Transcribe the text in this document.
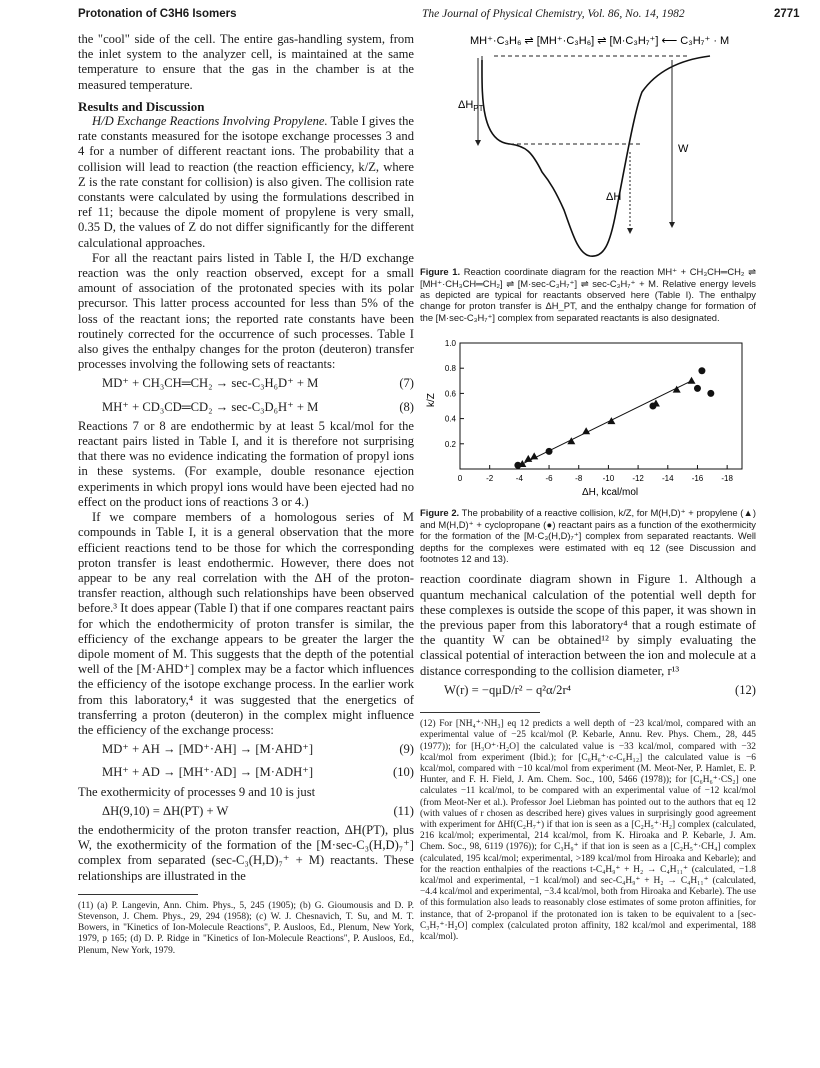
Protonation of C3H6 Isomers	The Journal of Physical Chemistry, Vol. 86, No. 14, 1982	2771

the "cool" side of the cell. The entire gas-handling system, from the inlet system to the analyzer cell, is maintained at the same temperature to ensure that the gas in the chamber is at the measured temperature.

Results and Discussion

H/D Exchange Reactions Involving Propylene. Table I gives the rate constants measured for the isotope exchange processes 3 and 4 for a number of different reactant ions. The probability that a collision will lead to reaction (the reaction efficiency, k/Z, where Z is the rate constant for collision) is also given. The collision rate constants were calculated by using the formulations described in ref 11; because the dipole moment of propylene is very small, 0.35 D, the values of Z do not differ significantly for the different calculational approaches.

For all the reactant pairs listed in Table I, the H/D exchange reaction was the only reaction observed, except for a small amount of association of the protonated species with its polar precursor. This latter process accounted for less than 5% of the loss of the reactant ions; the reported rate constants have been routinely corrected for the occurrence of such processes. Table I also gives the enthalpy changes for the proton (deuteron) transfer processes involving the following sets of reactants:

MD⁺ + CH₃CH═CH₂ → sec-C₃H₆D⁺ + M	(7)
MH⁺ + CD₃CD═CD₂ → sec-C₃D₆H⁺ + M	(8)

Reactions 7 or 8 are endothermic by at least 5 kcal/mol for the reactant pairs listed in Table I, and it is therefore not surprising that there was no evidence indicating the formation of propyl ions in these systems. (For example, double resonance ejection experiments in which propyl ions would have been ejected had no effect on the product ions of reactions 3 or 4.)

If we compare members of a homologous series of M compounds in Table I, it is a general observation that the more efficient reactions tend to be those for which the corresponding proton transfer is least endothermic. However, there does not appear to be any real correlation with the ΔH of the proton-transfer reaction, although such relationships have been observed before.³ It does appear (Table I) that if one compares reactant pairs for which the endothermicity of proton transfer is similar, the efficiency of the exchange appears to be greater the larger the dipole moment of M. This suggests that the depth of the potential well of the [M·AHD⁺] complex may be a factor which influences the efficiency of the isotope exchange process. In the earlier work from this laboratory,⁴ it was suggested that the energetics of transferring a proton (deuteron) in the complex might influence the efficiency of the exchange process:

MD⁺ + AH → [MD⁺·AH] → [M·AHD⁺]	(9)
MH⁺ + AD → [MH⁺·AD] → [M·ADH⁺]	(10)

The exothermicity of processes 9 and 10 is just

ΔH(9,10) = ΔH(PT) + W	(11)

the endothermicity of the proton transfer reaction, ΔH(PT), plus W, the exothermicity of the formation of the [M·sec-C₃(H,D)₇⁺] complex from separated (sec-C₃(H,D)₇⁺ + M) reactants. These relationships are illustrated in the

(11) (a) P. Langevin, Ann. Chim. Phys., 5, 245 (1905); (b) G. Gioumousis and D. P. Stevenson, J. Chem. Phys., 29, 294 (1958); (c) W. J. Chesnavich, T. Su, and M. T. Bowers, in "Kinetics of Ion-Molecule Reactions", P. Ausloos, Ed., Plenum, New York, 1979, p 165; (d) D. P. Ridge in "Kinetics of Ion-Molecule Reactions", P. Ausloos, Ed., Plenum, New York, 1979.

MH⁺·C₃H₆ ⇌ [MH⁺·C₃H₆] ⇌ [M·C₃H₇⁺] ⟵ C₃H₇⁺ · M
$\Delta H_{PT}$
W
ΔH

Figure 1. Reaction coordinate diagram for the reaction MH⁺ + CH₃CH═CH₂ ⇌ [MH⁺·CH₃CH═CH₂] ⇌ [M·sec-C₃H₇⁺] ⇌ sec-C₃H₇⁺ + M. Relative energy levels as depicted are typical for reactants observed here (Table I). The enthalpy change for proton transfer is ΔH_PT, and the enthalpy change for formation of the [M·sec-C₃H₇⁺] complex from separated reactants is also designated.

0	-2	-4	-6	-8	-10 -12 -14 -16 -18
0.2
0.4
0.6
0.8
1.0
k/Z
ΔH, kcal/mol

Figure 2. The probability of a reactive collision, k/Z, for M(H,D)⁺ + propylene (▲) and M(H,D)⁺ + cyclopropane (●) reactant pairs as a function of the exothermicity for the formation of the [M·C₃(H,D)₇⁺] complex from separated reactants. Well depths for the complexes were estimated with eq 12 (see Discussion and footnotes 12 and 13).

reaction coordinate diagram shown in Figure 1. Although a quantum mechanical calculation of the potential well depth for these complexes is outside the scope of this paper, it was shown in the previous paper from this laboratory⁴ that a rough estimate of the quantity W can be obtained¹² by simply evaluating the classical potential of interaction between the ion and molecule at a distance corresponding to the collision diameter, r¹³

W(r) = −qμD/r² − q²α/2r⁴	(12)

(12) For [NH₄⁺·NH₃] eq 12 predicts a well depth of −23 kcal/mol, compared with an experimental value of −25 kcal/mol (P. Kebarle, Annu. Rev. Phys. Chem., 28, 445 (1977)); for [H₃O⁺·H₂O] the calculated value is −33 kcal/mol, compared with −32 kcal/mol from experiment (Ibid.); for [C₆H₆⁺·c-C₆H₁₂] the calculated value is −6 kcal/mol, compared with −10 kcal/mol from experiment (M. Meot-Ner, P. Hamlet, E. P. Hunter, and F. H. Field, J. Am. Chem. Soc., 100, 5466 (1978)); for [C₆H₆⁺·CS₂] one calculates −11 kcal/mol, to be compared with an experimental value of −12 kcal/mol (from Meot-Ner et al.). Professor Joel Liebman has pointed out to the authors that eq 12 (with values of r chosen as described here) gives values in surprisingly good agreement with experiment for ΔHf(C₂H₇⁺) if that ion is seen as a [C₂H₅⁺·H₂] complex (calculated, 216 kcal/mol; experimental, 214 kcal/mol, from K. Hiroaka and P. Kebarle, J. Am. Chem. Soc., 98, 6119 (1976)); for C₃H₉⁺ if that ion is seen as a [C₂H₅⁺·CH₄] complex (calculated, 195 kcal/mol; experimental, >189 kcal/mol from Hiroaka and Kebarle); and for the reaction enthalpies of the reactions t-C₄H₉⁺ + H₂ → C₄H₁₁⁺ (calculated, −1.8 kcal/mol and experimental, −1 kcal/mol) and sec-C₄H₉⁺ + H₂ → C₄H₁₁⁺ (calculated, −4.4 kcal/mol and experimental, −3.4 kcal/mol, both from Hiroaka and Kebarle). The use of this formulation also leads to reasonably close estimates of some proton affinities, for instance, that of 2-propanol if the protonated ion is taken to be equivalent to a [sec-C₃H₇⁺·H₂O] complex (calculated proton affinity, 182 kcal/mol and experimental, 188 kcal/mol).
